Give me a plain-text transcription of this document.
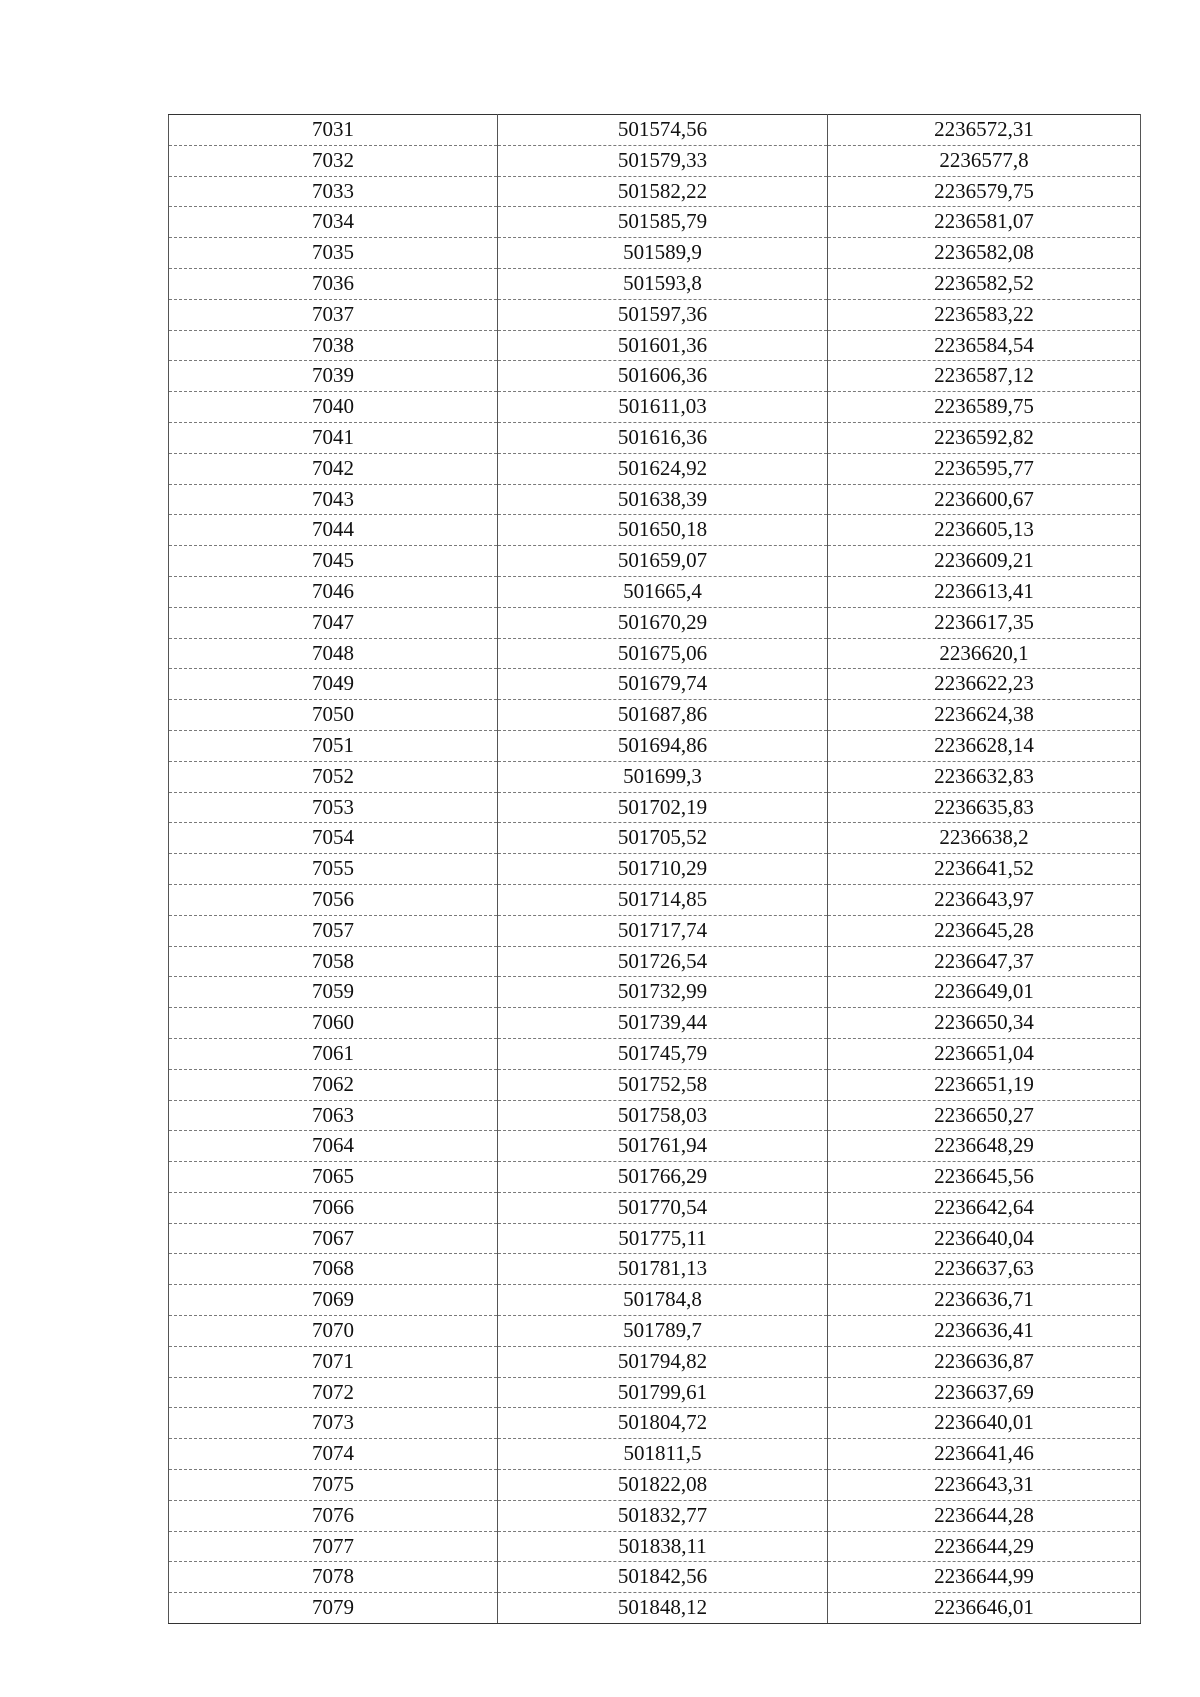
7031	501574,56	2236572,31
7032	501579,33	2236577,8
7033	501582,22	2236579,75
7034	501585,79	2236581,07
7035	501589,9	2236582,08
7036	501593,8	2236582,52
7037	501597,36	2236583,22
7038	501601,36	2236584,54
7039	501606,36	2236587,12
7040	501611,03	2236589,75
7041	501616,36	2236592,82
7042	501624,92	2236595,77
7043	501638,39	2236600,67
7044	501650,18	2236605,13
7045	501659,07	2236609,21
7046	501665,4	2236613,41
7047	501670,29	2236617,35
7048	501675,06	2236620,1
7049	501679,74	2236622,23
7050	501687,86	2236624,38
7051	501694,86	2236628,14
7052	501699,3	2236632,83
7053	501702,19	2236635,83
7054	501705,52	2236638,2
7055	501710,29	2236641,52
7056	501714,85	2236643,97
7057	501717,74	2236645,28
7058	501726,54	2236647,37
7059	501732,99	2236649,01
7060	501739,44	2236650,34
7061	501745,79	2236651,04
7062	501752,58	2236651,19
7063	501758,03	2236650,27
7064	501761,94	2236648,29
7065	501766,29	2236645,56
7066	501770,54	2236642,64
7067	501775,11	2236640,04
7068	501781,13	2236637,63
7069	501784,8	2236636,71
7070	501789,7	2236636,41
7071	501794,82	2236636,87
7072	501799,61	2236637,69
7073	501804,72	2236640,01
7074	501811,5	2236641,46
7075	501822,08	2236643,31
7076	501832,77	2236644,28
7077	501838,11	2236644,29
7078	501842,56	2236644,99
7079	501848,12	2236646,01
